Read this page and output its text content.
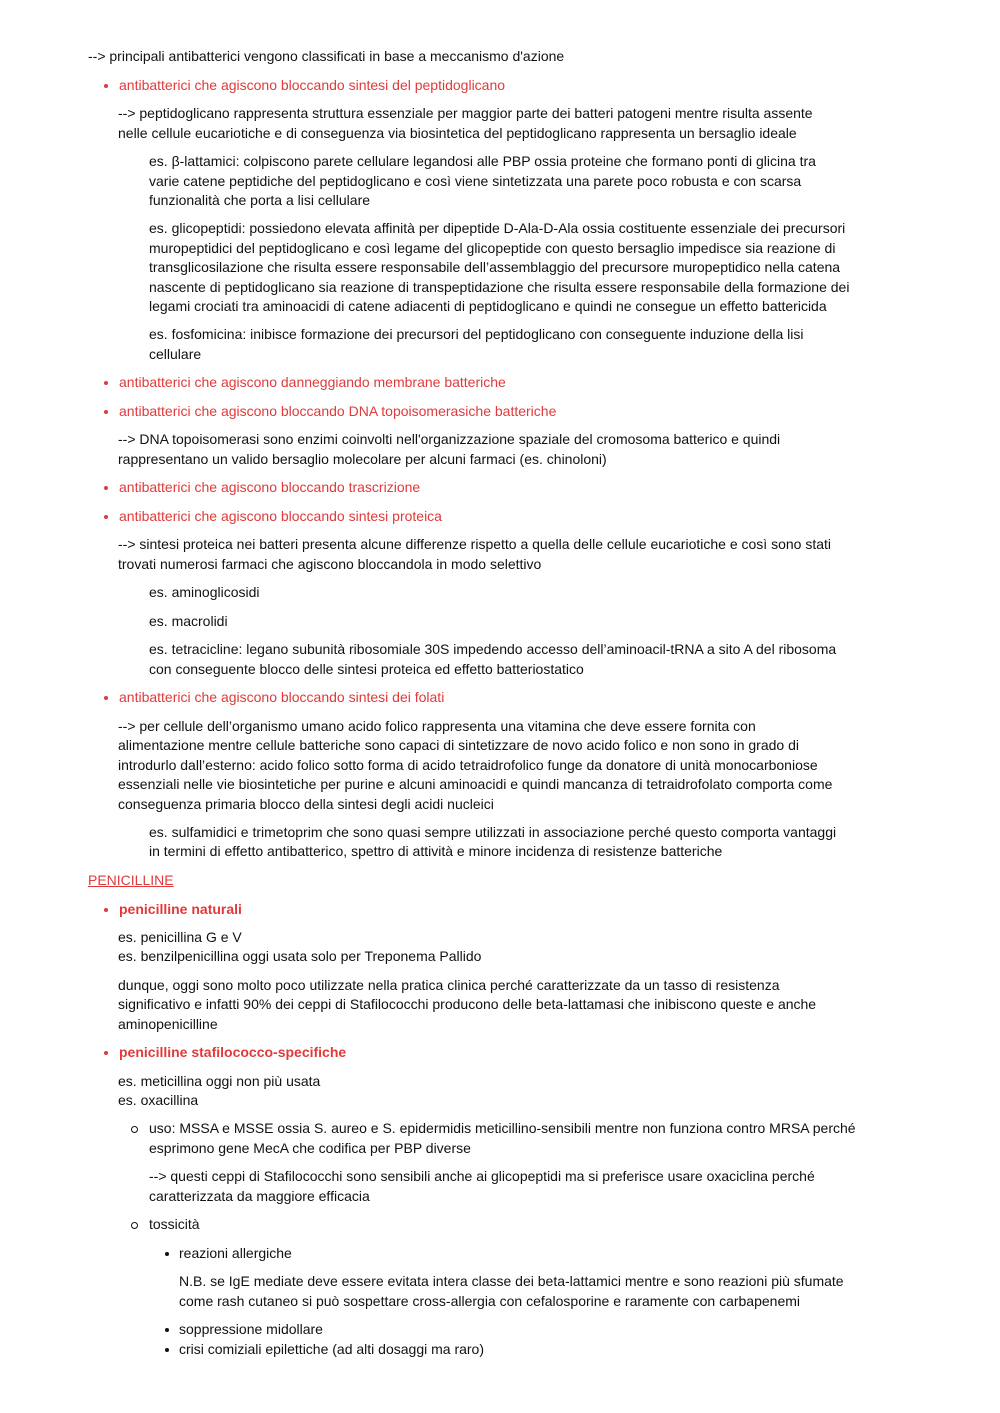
--> principali antibatterici vengono classificati in base a meccanismo d'azione
antibatterici che agiscono bloccando sintesi del peptidoglicano
--> peptidoglicano rappresenta struttura essenziale per maggior parte dei batteri patogeni mentre risulta assente
nelle cellule eucariotiche e di conseguenza via biosintetica del peptidoglicano rappresenta un bersaglio ideale
es. β-lattamici: colpiscono parete cellulare legandosi alle PBP ossia proteine che formano ponti di glicina tra
varie catene peptidiche del peptidoglicano e così viene sintetizzata una parete poco robusta e con scarsa
funzionalità che porta a lisi cellulare
es. glicopeptidi: possiedono elevata affinità per dipeptide D-Ala-D-Ala ossia costituente essenziale dei precursori
muropeptidici del peptidoglicano e così legame del glicopeptide con questo bersaglio impedisce sia reazione di
transglicosilazione che risulta essere responsabile dell’assemblaggio del precursore muropeptidico nella catena
nascente di peptidoglicano sia reazione di transpeptidazione che risulta essere responsabile della formazione dei
legami crociati tra aminoacidi di catene adiacenti di peptidoglicano e quindi ne consegue un effetto battericida
es. fosfomicina: inibisce formazione dei precursori del peptidoglicano con conseguente induzione della lisi
cellulare
antibatterici che agiscono danneggiando membrane batteriche
antibatterici che agiscono bloccando DNA topoisomerasiche batteriche
--> DNA topoisomerasi sono enzimi coinvolti nell'organizzazione spaziale del cromosoma batterico e quindi
rappresentano un valido bersaglio molecolare per alcuni farmaci (es. chinoloni)
antibatterici che agiscono bloccando trascrizione
antibatterici che agiscono bloccando sintesi proteica
--> sintesi proteica nei batteri presenta alcune differenze rispetto a quella delle cellule eucariotiche e così sono stati
trovati numerosi farmaci che agiscono bloccandola in modo selettivo
es. aminoglicosidi
es. macrolidi
es. tetracicline: legano subunità ribosomiale 30S impedendo accesso dell’aminoacil-tRNA a sito A del ribosoma
con conseguente blocco delle sintesi proteica ed effetto batteriostatico
antibatterici che agiscono bloccando sintesi dei folati
--> per cellule dell’organismo umano acido folico rappresenta una vitamina che deve essere fornita con
alimentazione mentre cellule batteriche sono capaci di sintetizzare de novo acido folico e non sono in grado di
introdurlo dall’esterno: acido folico sotto forma di acido tetraidrofolico funge da donatore di unità monocarboniose
essenziali nelle vie biosintetiche per purine e alcuni aminoacidi e quindi mancanza di tetraidrofolato comporta come
conseguenza primaria blocco della sintesi degli acidi nucleici
es. sulfamidici e trimetoprim che sono quasi sempre utilizzati in associazione perché questo comporta vantaggi
in termini di effetto antibatterico, spettro di attività e minore incidenza di resistenze batteriche
PENICILLINE
penicilline naturali
es. penicillina G e V
es. benzilpenicillina oggi usata solo per Treponema Pallido
dunque, oggi sono molto poco utilizzate nella pratica clinica perché caratterizzate da un tasso di resistenza
significativo e infatti 90% dei ceppi di Stafilococchi producono delle beta-lattamasi che inibiscono queste e anche
aminopenicilline
penicilline stafilococco-specifiche
es. meticillina oggi non più usata
es. oxacillina
uso: MSSA e MSSE ossia S. aureo e S. epidermidis meticillino-sensibili mentre non funziona contro MRSA perché
esprimono gene MecA che codifica per PBP diverse
--> questi ceppi di Stafilococchi sono sensibili anche ai glicopeptidi ma si preferisce usare oxaciclina perché
caratterizzata da maggiore efficacia
tossicità
reazioni allergiche
N.B. se IgE mediate deve essere evitata intera classe dei beta-lattamici mentre e sono reazioni più sfumate
come rash cutaneo si può sospettare cross-allergia con cefalosporine e raramente con carbapenemi
soppressione midollare
crisi comiziali epilettiche (ad alti dosaggi ma raro)
